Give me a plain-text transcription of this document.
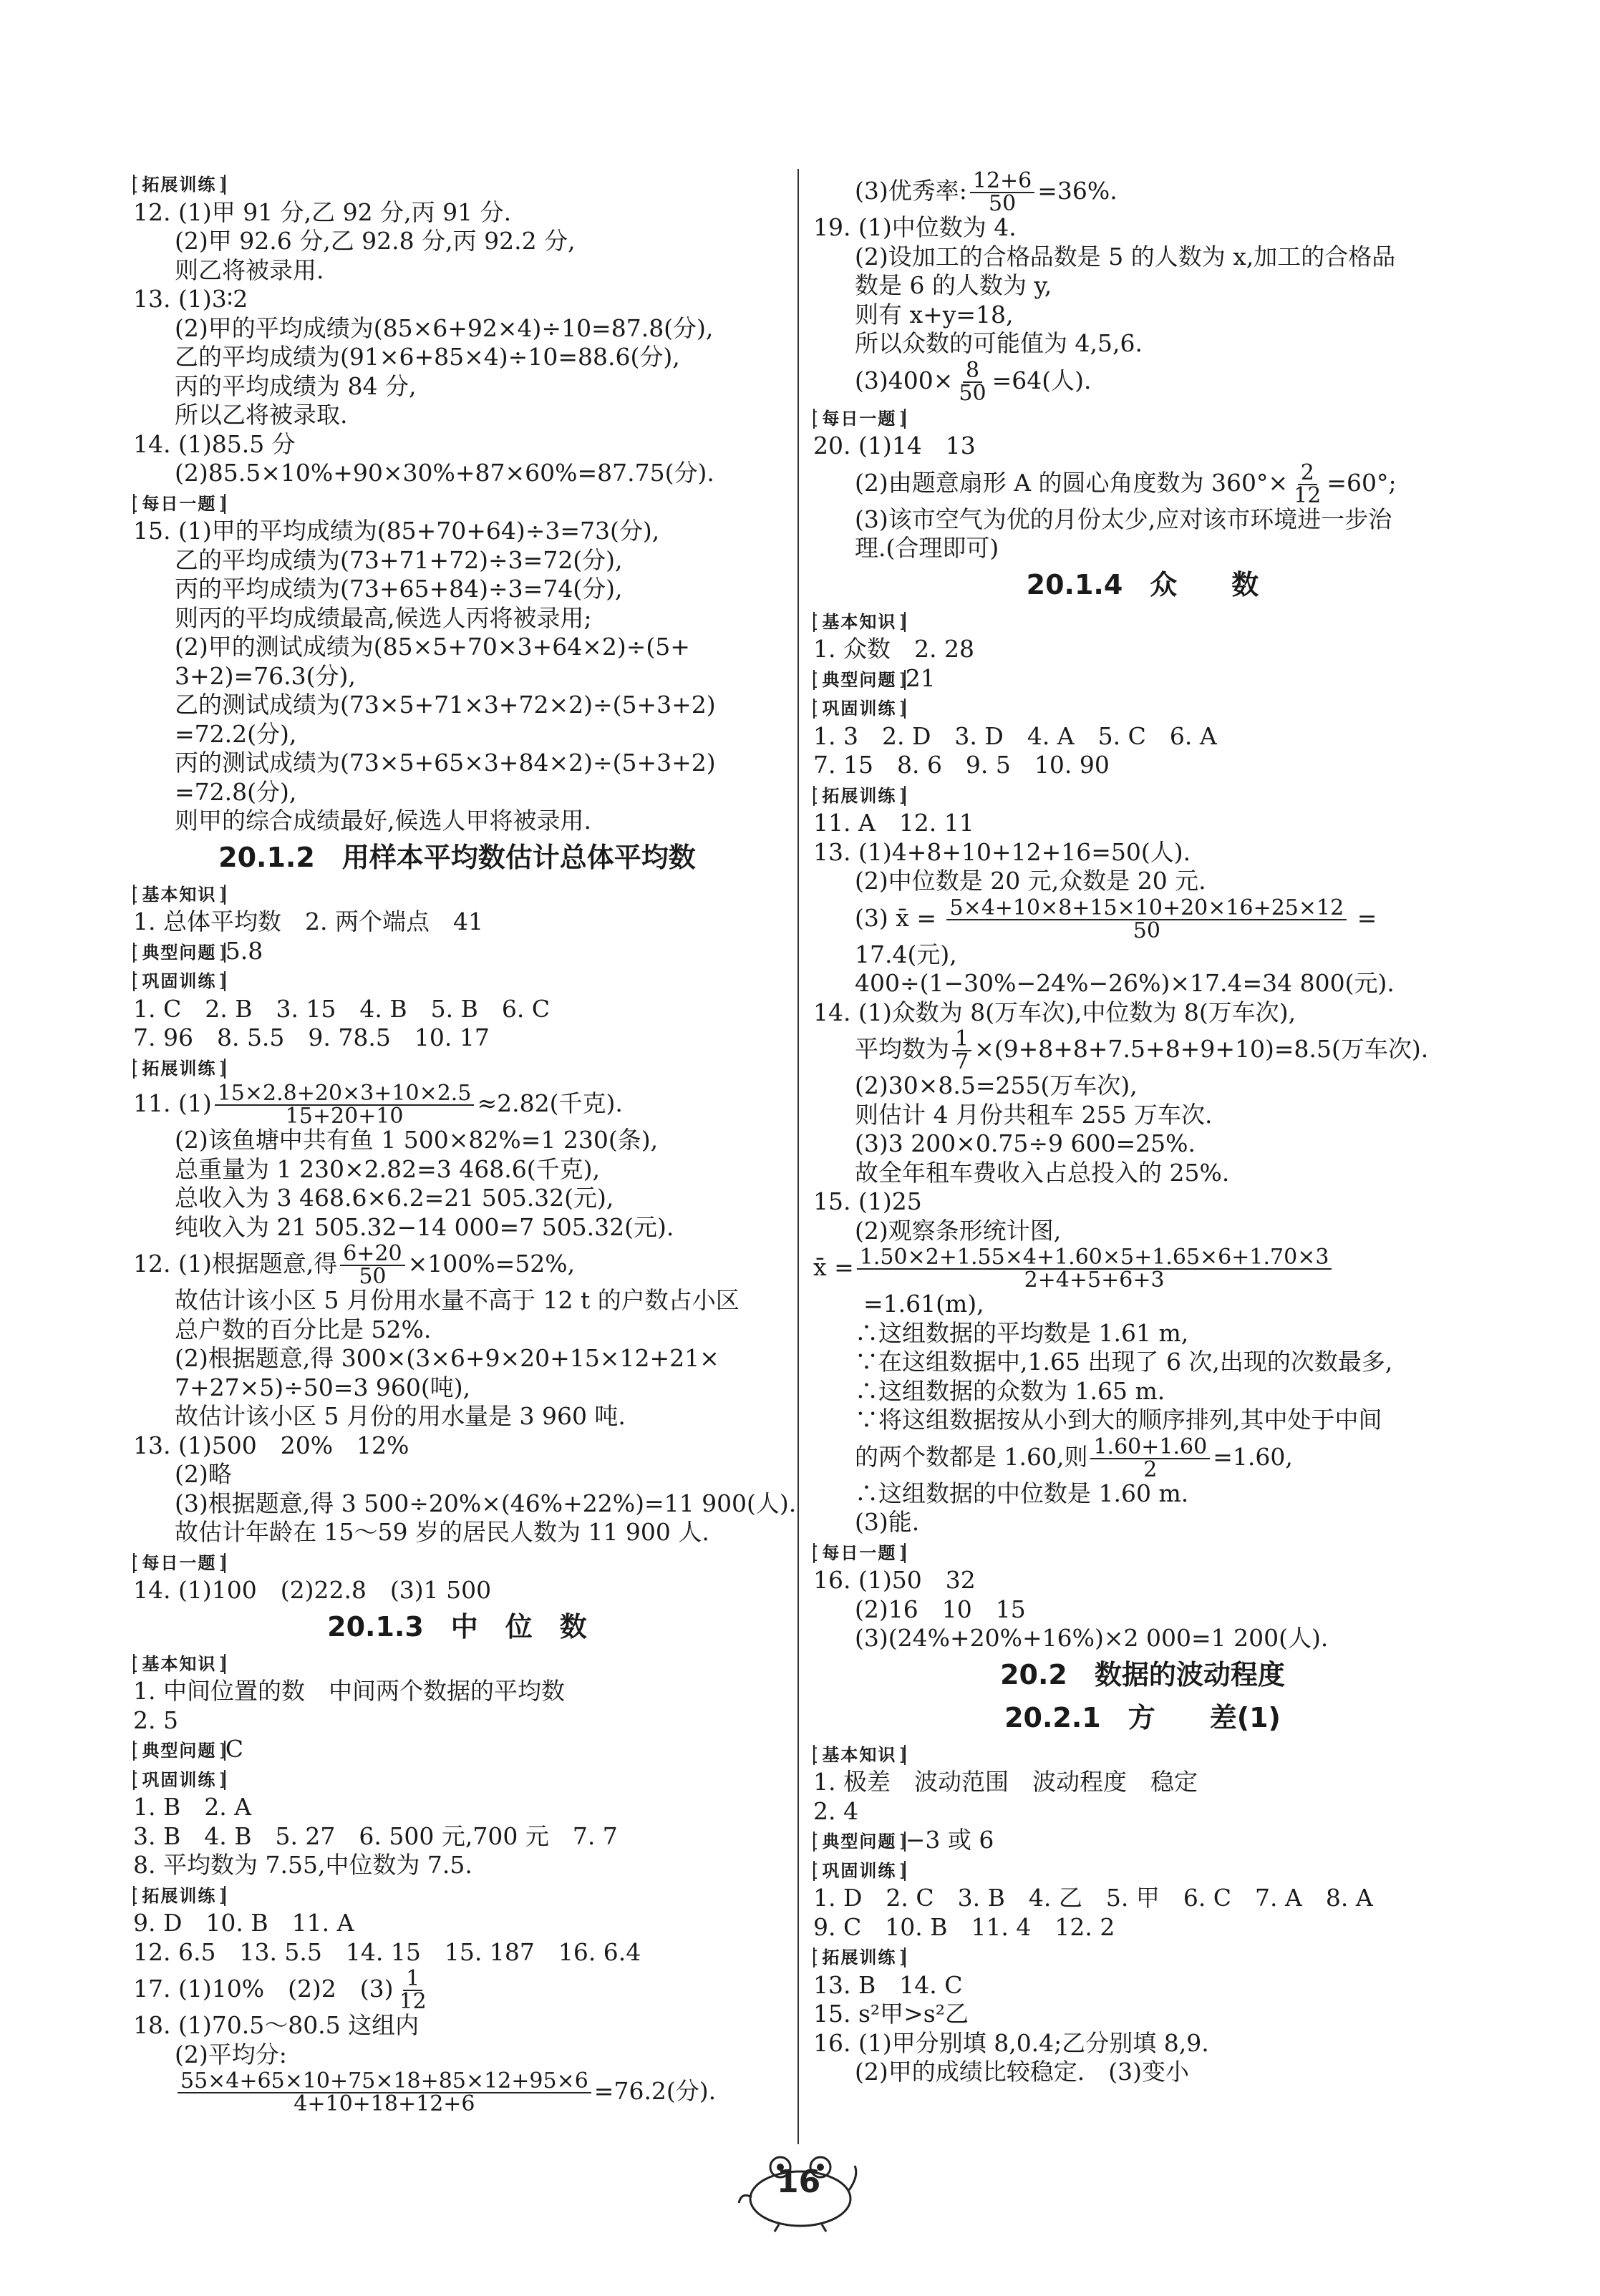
[ 拓展训练 ]
12. (1)甲 91 分,乙 92 分,丙 91 分.
(2)甲 92.6 分,乙 92.8 分,丙 92.2 分,
则乙将被录用.
13. (1)3∶2
(2)甲的平均成绩为(85×6+92×4)÷10=87.8(分),
乙的平均成绩为(91×6+85×4)÷10=88.6(分),
丙的平均成绩为 84 分,
所以乙将被录取.
14. (1)85.5 分
(2)85.5×10%+90×30%+87×60%=87.75(分).
[ 每日一题 ]
15. (1)甲的平均成绩为(85+70+64)÷3=73(分),
乙的平均成绩为(73+71+72)÷3=72(分),
丙的平均成绩为(73+65+84)÷3=74(分),
则丙的平均成绩最高,候选人丙将被录用;
(2)甲的测试成绩为(85×5+70×3+64×2)÷(5+
3+2)=76.3(分),
乙的测试成绩为(73×5+71×3+72×2)÷(5+3+2)
=72.2(分),
丙的测试成绩为(73×5+65×3+84×2)÷(5+3+2)
=72.8(分),
则甲的综合成绩最好,候选人甲将被录用.
20.1.2　用样本平均数估计总体平均数
[ 基本知识 ]
1. 总体平均数　2. 两个端点　41
[ 典型问题 ] 5.8
[ 巩固训练 ]
1. C　2. B　3. 15　4. B　5. B　6. C
7. 96　8. 5.5　9. 78.5　10. 17
[ 拓展训练 ]
11. $(1) \frac{15\times 2.8+20\times 3+10\times 2.5}{15+20+10} \approx 2.82$(千克).
(2)该鱼塘中共有鱼 1 500×82%=1 230(条),
总重量为 1 230×2.82=3 468.6(千克),
总收入为 3 468.6×6.2=21 505.32(元),
纯收入为 21 505.32−14 000=7 505.32(元).
12. (1)根据题意,得 $\frac{6+20}{50} \times 100\%=52\%$,
故估计该小区 5 月份用水量不高于 12 t 的户数占小区
总户数的百分比是 52%.
(2)根据题意,得 300×(3×6+9×20+15×12+21×
7+27×5)÷50=3 960(吨),
故估计该小区 5 月份的用水量是 3 960 吨.
13. (1)500　20%　12%
(2)略
(3)根据题意,得 3 500÷20%×(46%+22%)=11 900(人).
故估计年龄在 15～59 岁的居民人数为 11 900 人.
[ 每日一题 ]
14. (1)100　(2)22.8　(3)1 500
20.1.3　中　位　数
[ 基本知识 ]
1. 中间位置的数　中间两个数据的平均数
2. 5
[ 典型问题 ] C
[ 巩固训练 ]
1. B　2. A
3. B　4. B　5. 27　6. 500 元,700 元　7. 7
8. 平均数为 7.55,中位数为 7.5.
[ 拓展训练 ]
9. D　10. B　11. A
12. 6.5　13. 5.5　14. 15　15. 187　16. 6.4
17. (1)10%　(2)2　$(3) \frac{1}{12}$
18. (1)70.5～80.5 这组内
(2)平均分:
$\frac{55\times 4+65\times 10+75\times 18+85\times 12+95\times 6}{4+10+18+12+6} =76.2$(分).
(3)优秀率: $\frac{12+6}{50} =36\%$.
19. (1)中位数为 4.
(2)设加工的合格品数是 5 的人数为 x,加工的合格品
数是 6 的人数为 y,
则有 x+y=18,
所以众数的可能值为 4,5,6.
$(3)400\times \frac{8}{50} =64$(人).
[ 每日一题 ]
20. (1)14　13
(2)由题意扇形 A 的圆心角度数为 $360^\circ\times \frac{2}{12} =60^\circ$;
(3)该市空气为优的月份太少,应对该市环境进一步治
理.(合理即可)
20.1.4　众　　数
[ 基本知识 ]
1. 众数　2. 28
[ 典型问题 ] 21
[ 巩固训练 ]
1. 3　2. D　3. D　4. A　5. C　6. A
7. 15　8. 6　9. 5　10. 90
[ 拓展训练 ]
11. A　12. 11
13. (1)4+8+10+12+16=50(人).
(2)中位数是 20 元,众数是 20 元.
(3) x̄ = $\frac{5\times 4+10\times 8+15\times 10+20\times 16+25\times 12}{50}$ =
17.4(元),
400÷(1−30%−24%−26%)×17.4=34 800(元).
14. (1)众数为 8(万车次),中位数为 8(万车次),
平均数为 $\frac{1}{7} \times(9+8+8+7.5+8+9+10)=8.5$(万车次).
(2)30×8.5=255(万车次),
则估计 4 月份共租车 255 万车次.
(3)3 200×0.75÷9 600=25%.
故全年租车费收入占总投入的 25%.
15. (1)25
(2)观察条形统计图,
x̄ = $\frac{1.50\times 2+1.55\times 4+1.60\times 5+1.65\times 6+1.70\times 3}{2+4+5+6+3}$
=1.61(m),
∴这组数据的平均数是 1.61 m,
∵在这组数据中,1.65 出现了 6 次,出现的次数最多,
∴这组数据的众数为 1.65 m.
∵将这组数据按从小到大的顺序排列,其中处于中间
的两个数都是 1.60,则 $\frac{1.60+1.60}{2} =1.60$,
∴这组数据的中位数是 1.60 m.
(3)能.
[ 每日一题 ]
16. (1)50　32
(2)16　10　15
(3)(24%+20%+16%)×2 000=1 200(人).
20.2　数据的波动程度
20.2.1　方　　差(1)
[ 基本知识 ]
1. 极差　波动范围　波动程度　稳定
2. 4
[ 典型问题 ] −3 或 6
[ 巩固训练 ]
1. D　2. C　3. B　4. 乙　5. 甲　6. C　7. A　8. A
9. C　10. B　11. 4　12. 2
[ 拓展训练 ]
13. B　14. C
15. s²甲>s²乙
16. (1)甲分别填 8,0.4;乙分别填 8,9.
(2)甲的成绩比较稳定.　(3)变小
16
